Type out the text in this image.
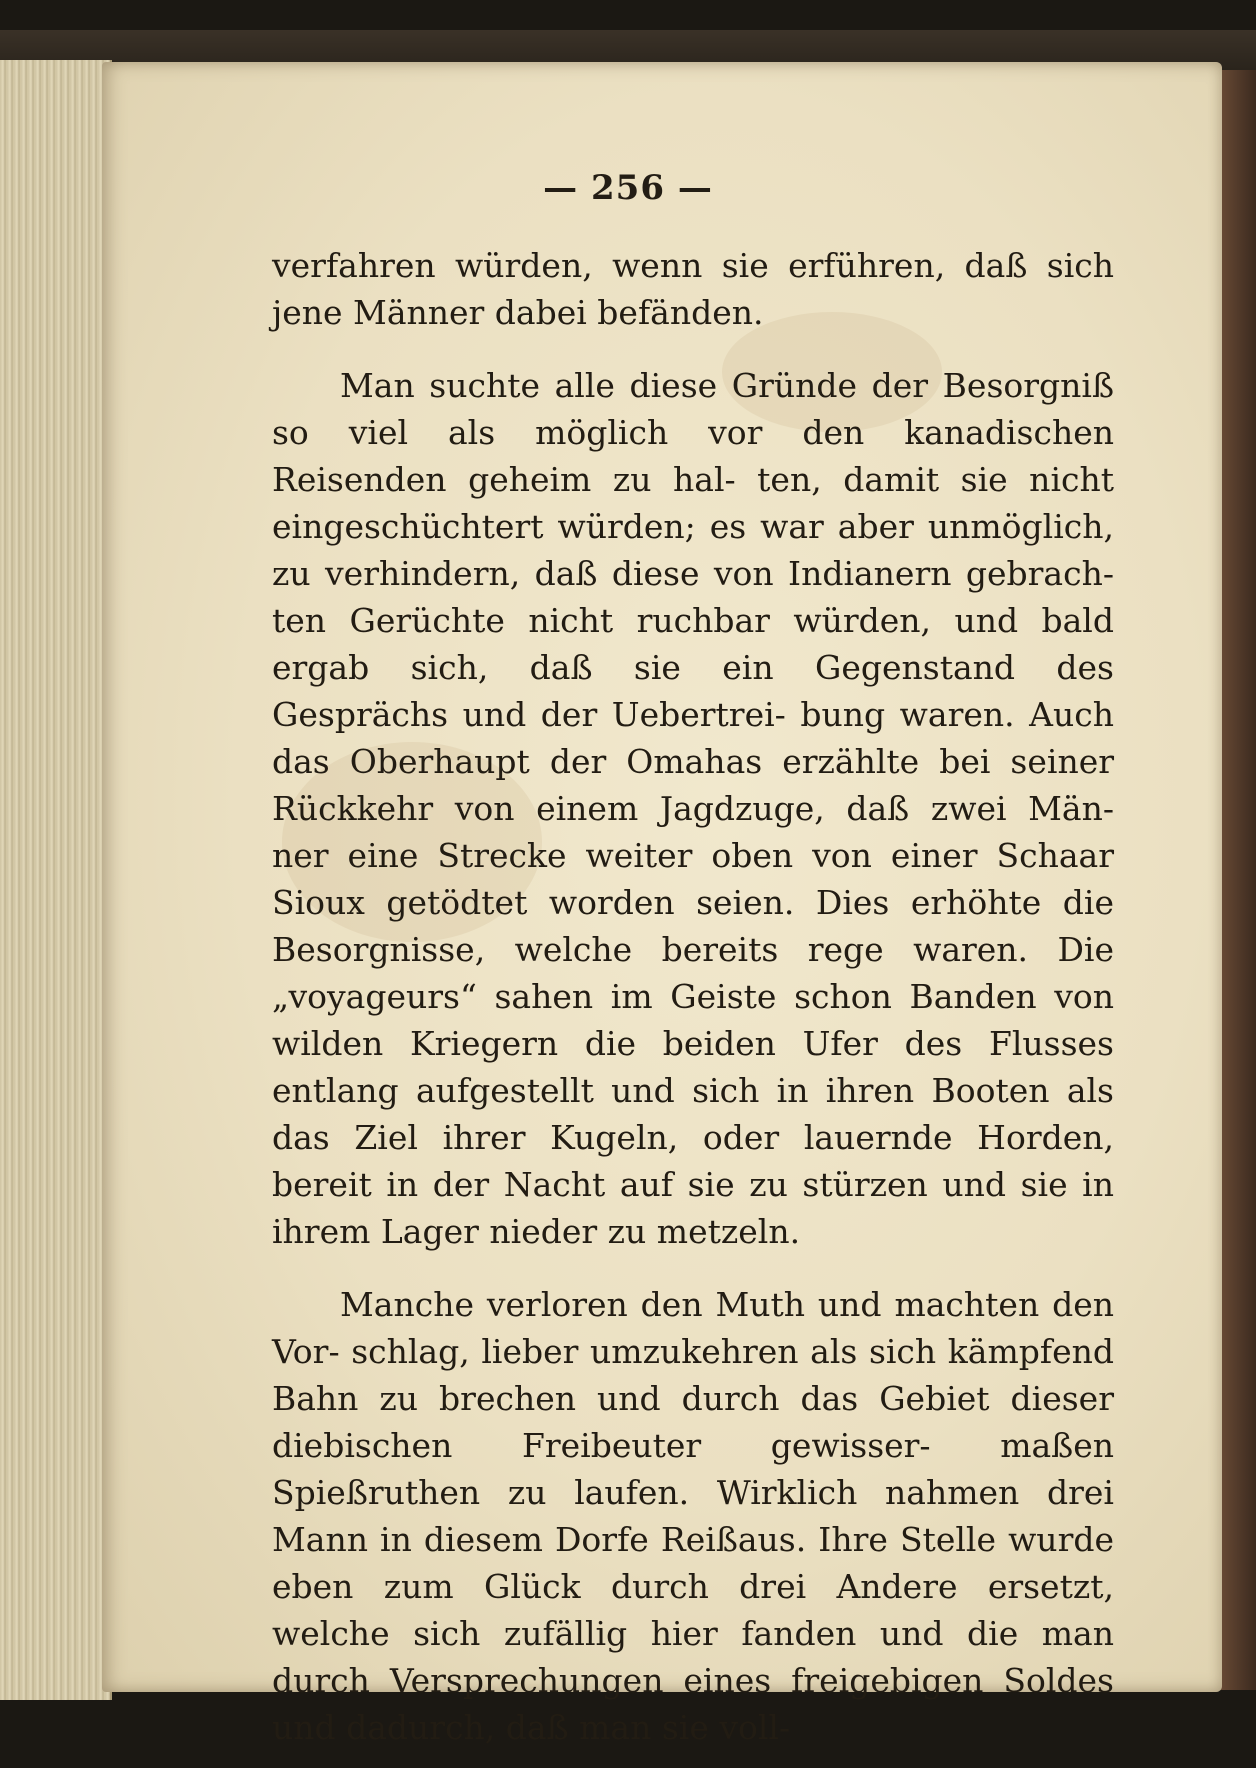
— 256 —

verfahren würden, wenn sie erführen, daß sich jene Männer dabei befänden.

Man suchte alle diese Gründe der Besorgniß so viel als möglich vor den kanadischen Reisenden geheim zu hal- ten, damit sie nicht eingeschüchtert würden; es war aber unmöglich, zu verhindern, daß diese von Indianern gebrach- ten Gerüchte nicht ruchbar würden, und bald ergab sich, daß sie ein Gegenstand des Gesprächs und der Uebertrei- bung waren. Auch das Oberhaupt der Omahas erzählte bei seiner Rückkehr von einem Jagdzuge, daß zwei Män- ner eine Strecke weiter oben von einer Schaar Sioux getödtet worden seien. Dies erhöhte die Besorgnisse, welche bereits rege waren. Die „voyageurs“ sahen im Geiste schon Banden von wilden Kriegern die beiden Ufer des Flusses entlang aufgestellt und sich in ihren Booten als das Ziel ihrer Kugeln, oder lauernde Horden, bereit in der Nacht auf sie zu stürzen und sie in ihrem Lager nieder zu metzeln.

Manche verloren den Muth und machten den Vor- schlag, lieber umzukehren als sich kämpfend Bahn zu brechen und durch das Gebiet dieser diebischen Freibeuter gewisser- maßen Spießruthen zu laufen. Wirklich nahmen drei Mann in diesem Dorfe Reißaus. Ihre Stelle wurde eben zum Glück durch drei Andere ersetzt, welche sich zufällig hier fanden und die man durch Versprechungen eines freigebigen Soldes und dadurch, daß man sie voll-
